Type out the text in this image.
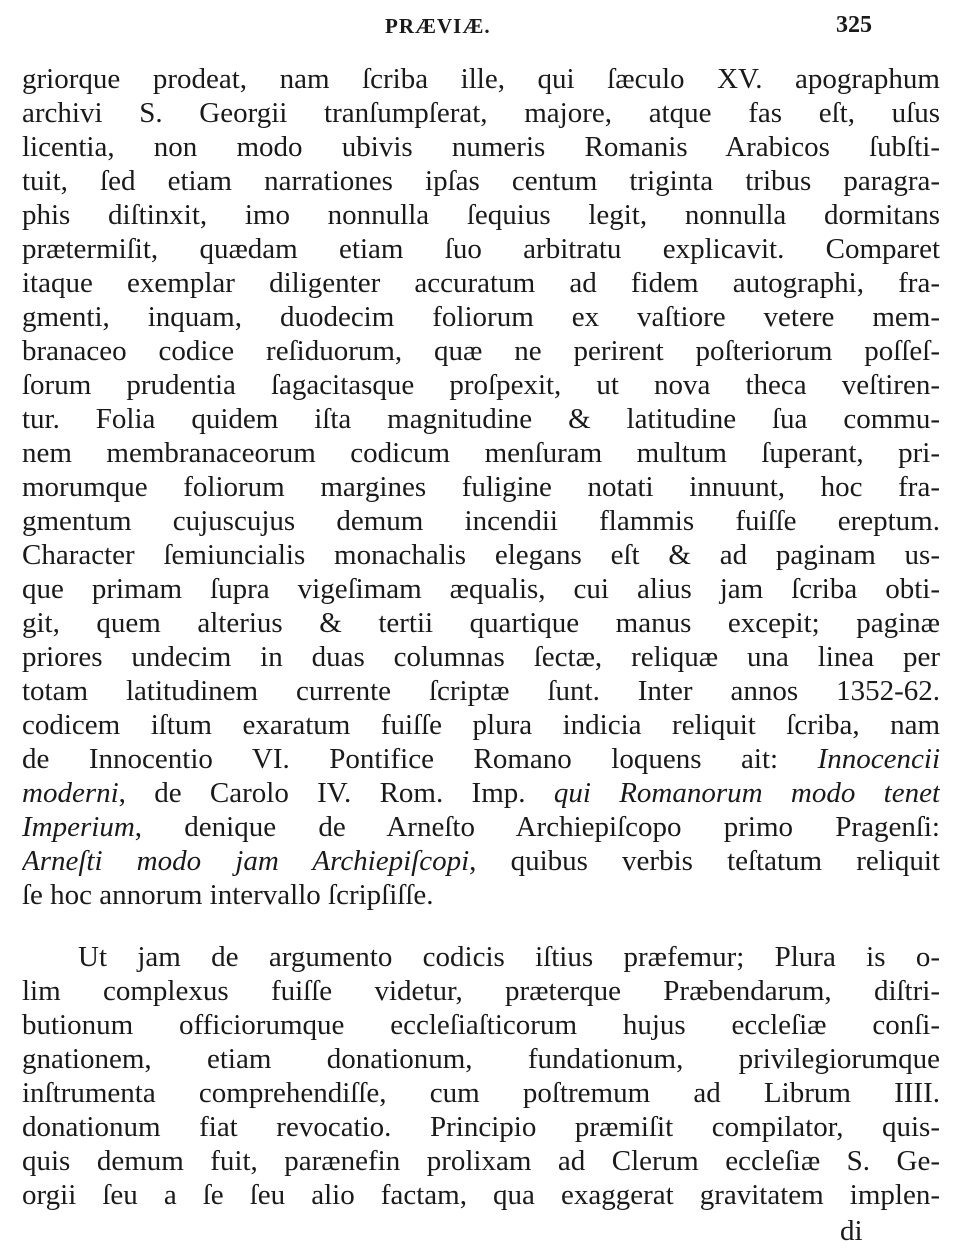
PRÆVIÆ.	325
griorque prodeat, nam ſcriba ille, qui ſæculo XV. apographum
archivi S. Georgii tranſumpſerat, majore, atque fas eſt, uſus
licentia, non modo ubivis numeris Romanis Arabicos ſubſti-
tuit, ſed etiam narrationes ipſas centum triginta tribus paragra-
phis diſtinxit, imo nonnulla ſequius legit, nonnulla dormitans
prætermiſit, quædam etiam ſuo arbitratu explicavit. Comparet
itaque exemplar diligenter accuratum ad fidem autographi, fra-
gmenti, inquam, duodecim foliorum ex vaſtiore vetere mem-
branaceo codice reſiduorum, quæ ne perirent poſteriorum poſſeſ-
ſorum prudentia ſagacitasque proſpexit, ut nova theca veſtiren-
tur. Folia quidem iſta magnitudine & latitudine ſua commu-
nem membranaceorum codicum menſuram multum ſuperant, pri-
morumque foliorum margines fuligine notati innuunt, hoc fra-
gmentum cujuscujus demum incendii flammis fuiſſe ereptum.
Character ſemiuncialis monachalis elegans eſt & ad paginam us-
que primam ſupra vigeſimam æqualis, cui alius jam ſcriba obti-
git, quem alterius & tertii quartique manus excepit; paginæ
priores undecim in duas columnas ſectæ, reliquæ una linea per
totam latitudinem currente ſcriptæ ſunt. Inter annos 1352-62.
codicem iſtum exaratum fuiſſe plura indicia reliquit ſcriba, nam
de Innocentio VI. Pontifice Romano loquens ait: Innocencii
moderni, de Carolo IV. Rom. Imp. qui Romanorum modo tenet
Imperium, denique de Arneſto Archiepiſcopo primo Pragenſi:
Arneſti modo jam Archiepiſcopi, quibus verbis teſtatum reliquit
ſe hoc annorum intervallo ſcripſiſſe.
Ut jam de argumento codicis iſtius præfemur; Plura is o-
lim complexus fuiſſe videtur, præterque Præbendarum, diſtri-
butionum officiorumque eccleſiaſticorum hujus eccleſiæ conſi-
gnationem, etiam donationum, fundationum, privilegiorumque
inſtrumenta comprehendiſſe, cum poſtremum ad Librum IIII.
donationum fiat revocatio. Principio præmiſit compilator, quis-
quis demum fuit, parænefin prolixam ad Clerum eccleſiæ S. Ge-
orgii ſeu a ſe ſeu alio factam, qua exaggerat gravitatem implen-
di
